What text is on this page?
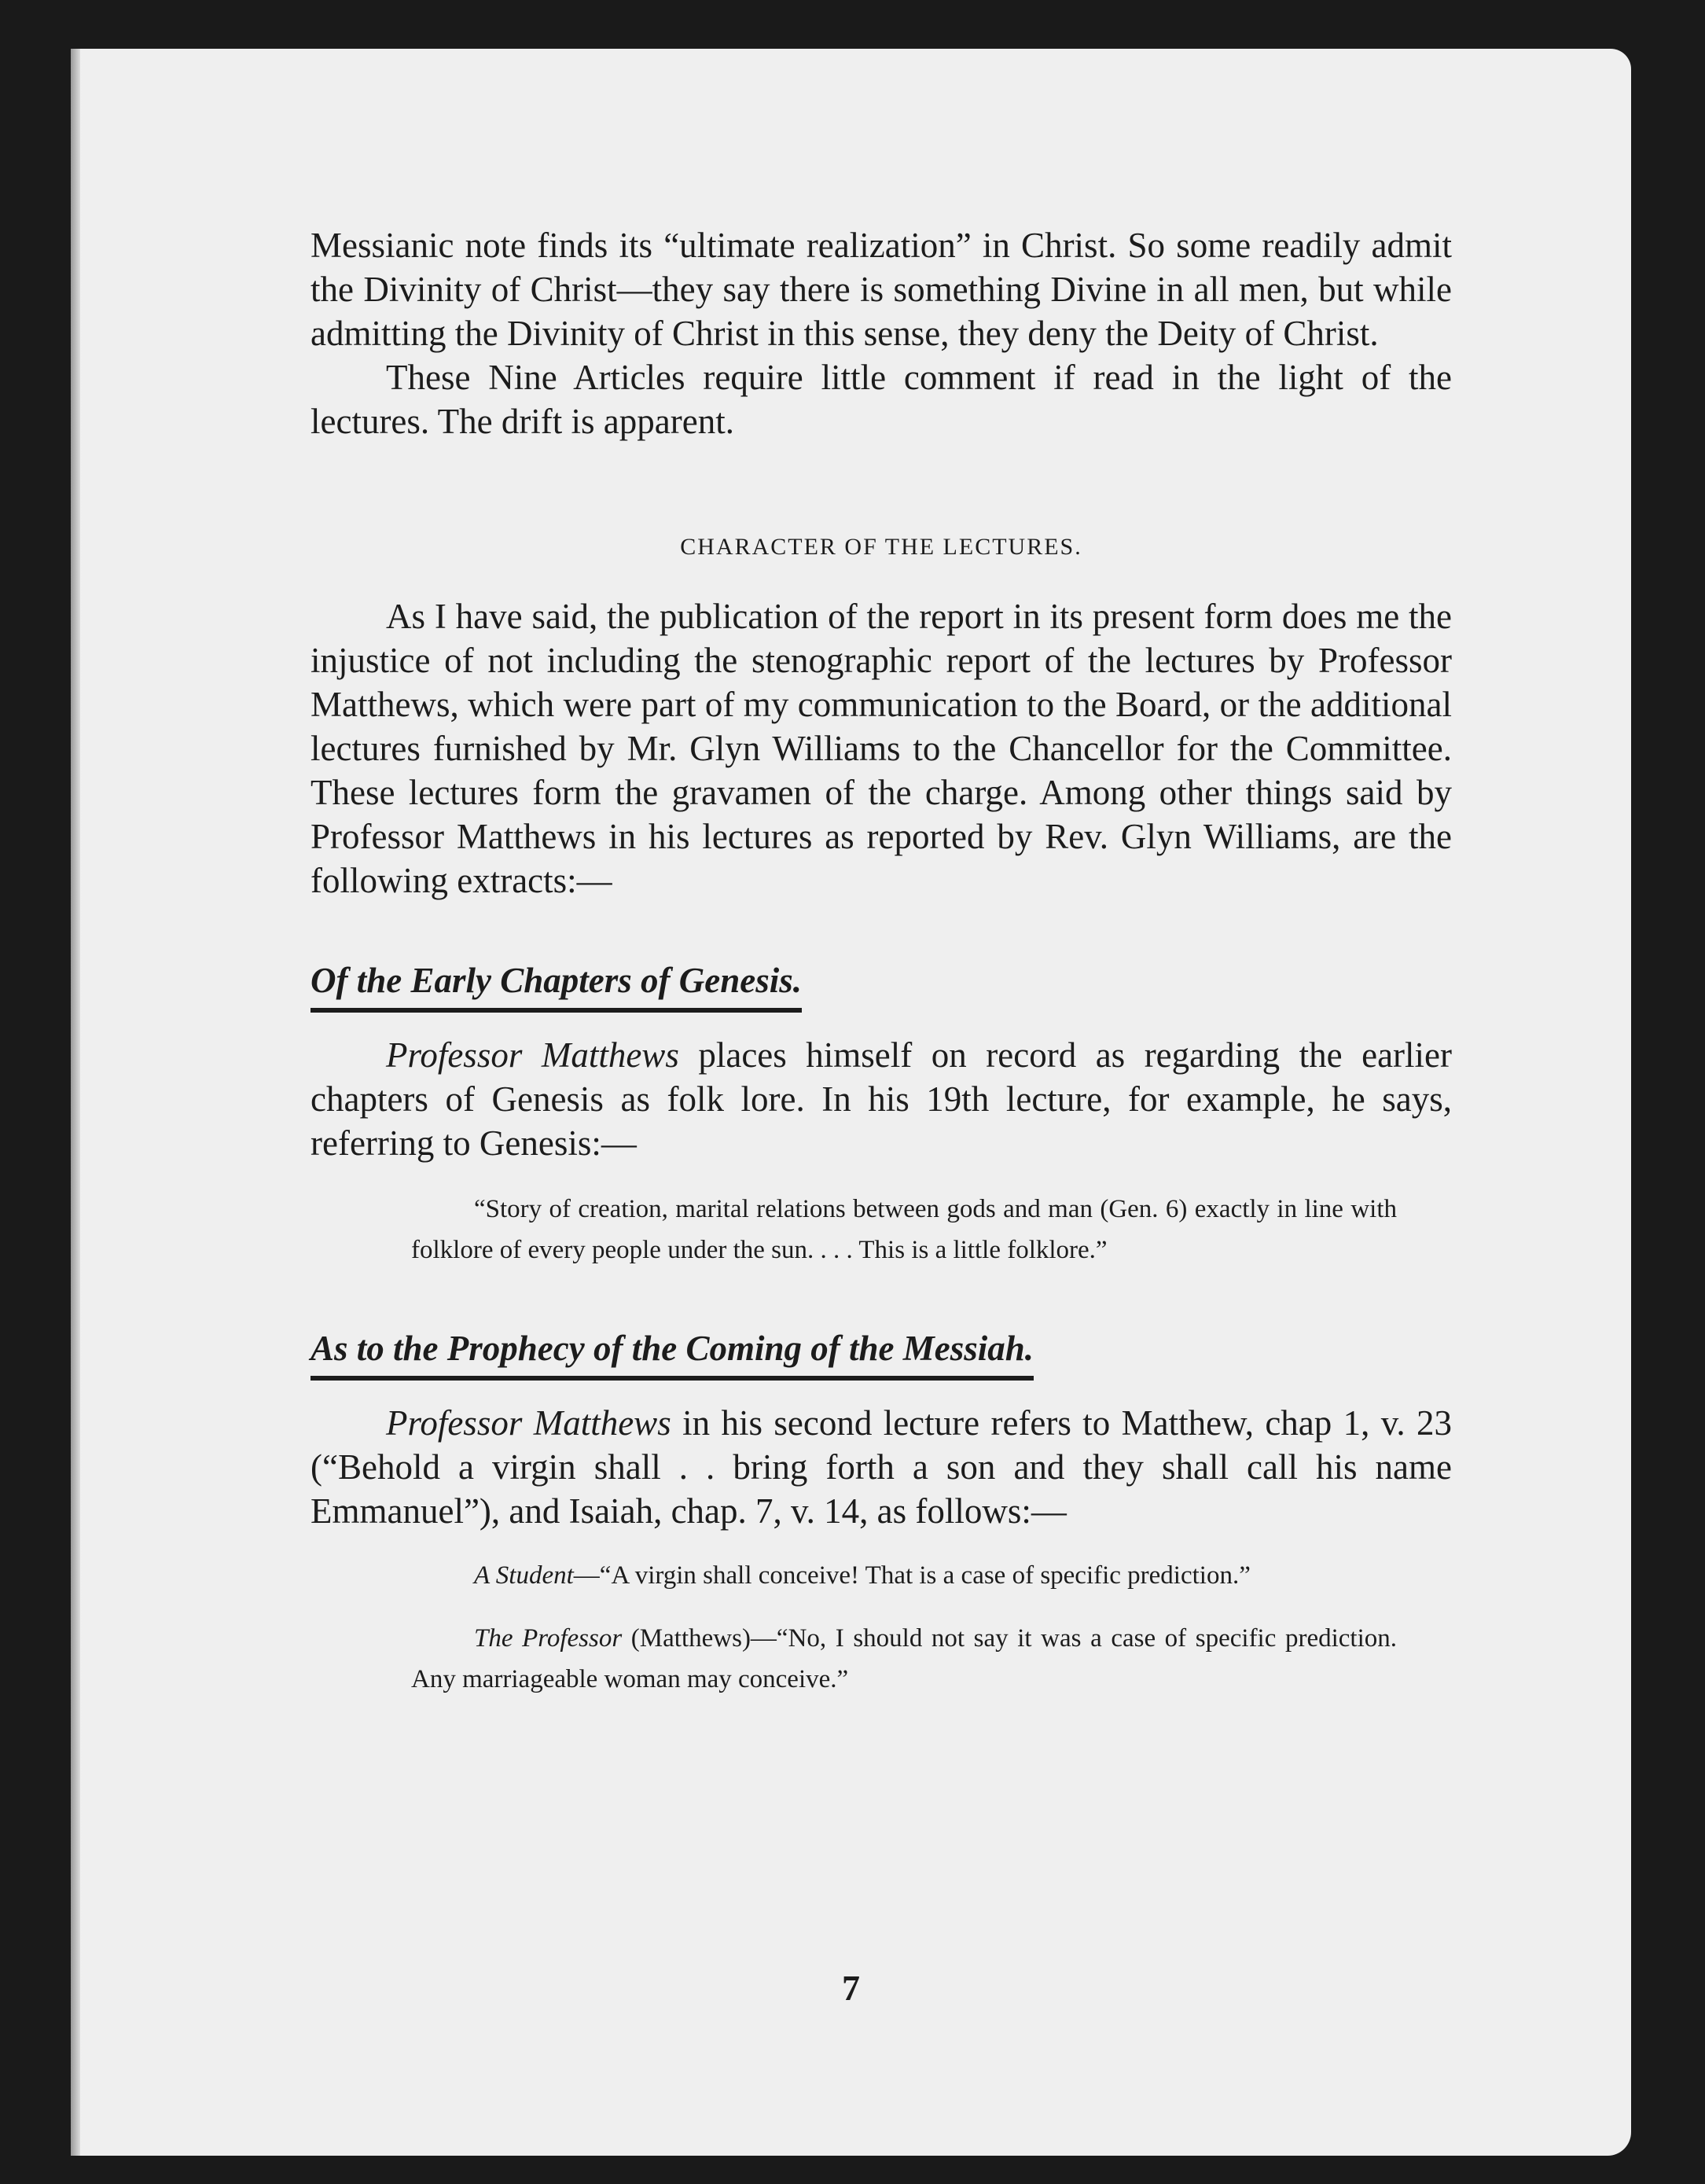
Messianic note finds its “ultimate realization” in Christ. So some readily admit the Divinity of Christ—they say there is something Divine in all men, but while admitting the Divinity of Christ in this sense, they deny the Deity of Christ.

These Nine Articles require little comment if read in the light of the lectures. The drift is apparent.

CHARACTER OF THE LECTURES.

As I have said, the publication of the report in its present form does me the injustice of not including the stenographic report of the lectures by Professor Matthews, which were part of my communication to the Board, or the additional lectures furnished by Mr. Glyn Williams to the Chancellor for the Committee. These lectures form the gravamen of the charge. Among other things said by Professor Matthews in his lectures as reported by Rev. Glyn Williams, are the following extracts:—

Of the Early Chapters of Genesis.

Professor Matthews places himself on record as regarding the earlier chapters of Genesis as folk lore. In his 19th lecture, for example, he says, referring to Genesis:—

“Story of creation, marital relations between gods and man (Gen. 6) exactly in line with folklore of every people under the sun. . . . This is a little folklore.”

As to the Prophecy of the Coming of the Messiah.

Professor Matthews in his second lecture refers to Matthew, chap 1, v. 23 (“Behold a virgin shall . . bring forth a son and they shall call his name Emmanuel”), and Isaiah, chap. 7, v. 14, as follows:—

A Student—“A virgin shall conceive! That is a case of specific prediction.”

The Professor (Matthews)—“No, I should not say it was a case of specific prediction. Any marriageable woman may conceive.”

7
